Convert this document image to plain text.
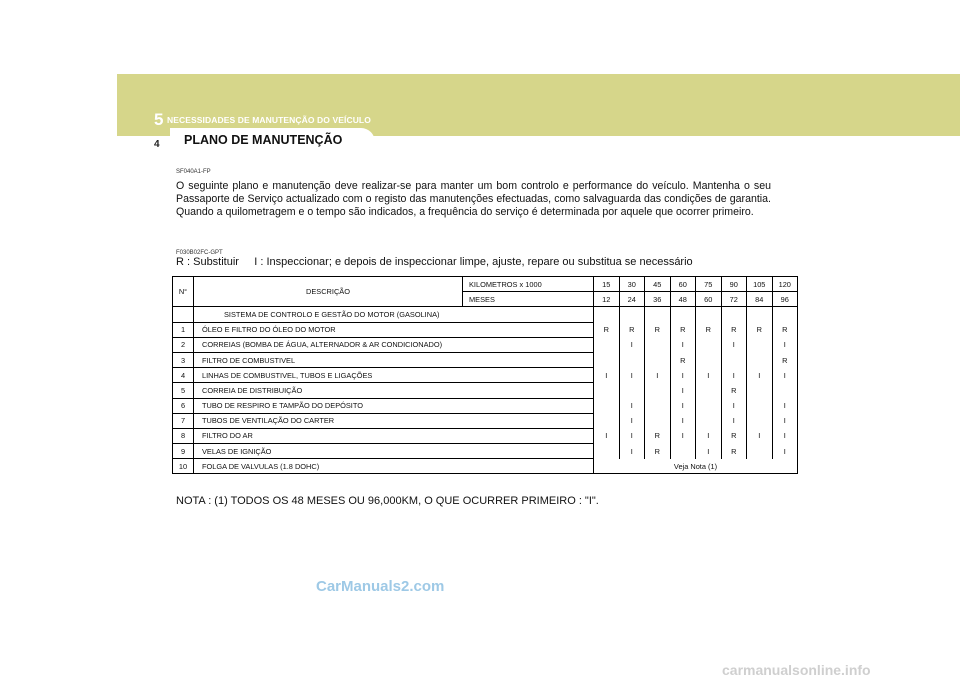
5 NECESSIDADES DE MANUTENÇÃO DO VEÍCULO
4 PLANO DE MANUTENÇÃO
SF040A1-FP
O seguinte plano e manutenção deve realizar-se para manter um bom controlo e performance do veículo. Mantenha o seu Passaporte de Serviço actualizado com o registo das manutenções efectuadas, como salvaguarda das condições de garantia. Quando a quilometragem e o tempo são indicados, a frequência do serviço é determinada por aquele que ocorrer primeiro.
F030B02FC-GPT
R : Substituir     I : Inspeccionar; e depois de inspeccionar limpe, ajuste, repare ou substitua se necessário
N°	DESCRIÇÃO	KILOMETROS x 1000	15	30	45	60	75	90	105	120
		MESES	12	24	36	48	60	72	84	96
	SISTEMA DE CONTROLO E GESTÃO DO MOTOR (GASOLINA)									
1	ÓLEO E FILTRO DO ÓLEO DO MOTOR		R	R	R	R	R	R	R	R
2	CORREIAS (BOMBA DE ÁGUA, ALTERNADOR & AR CONDICIONADO)			I		I		I		I
3	FILTRO DE COMBUSTIVEL					R				R
4	LINHAS DE COMBUSTIVEL, TUBOS E LIGAÇÕES		I	I	I	I	I	I	I	I
5	CORREIA DE DISTRIBUIÇÃO					I		R		
6	TUBO DE RESPIRO E TAMPÃO DO DEPÓSITO			I		I		I		I
7	TUBOS DE VENTILAÇÃO DO CARTER			I		I		I		I
8	FILTRO DO AR		I	I	R	I	I	R	I	I
9	VELAS DE IGNIÇÃO			I	R		I	R		I
10	FOLGA DE VALVULAS (1.8 DOHC)		Veja Nota (1)							
NOTA : (1) TODOS OS 48 MESES OU 96,000KM, O QUE OCURRER PRIMEIRO : "I".
CarManuals2.com
carmanualsonline.info
